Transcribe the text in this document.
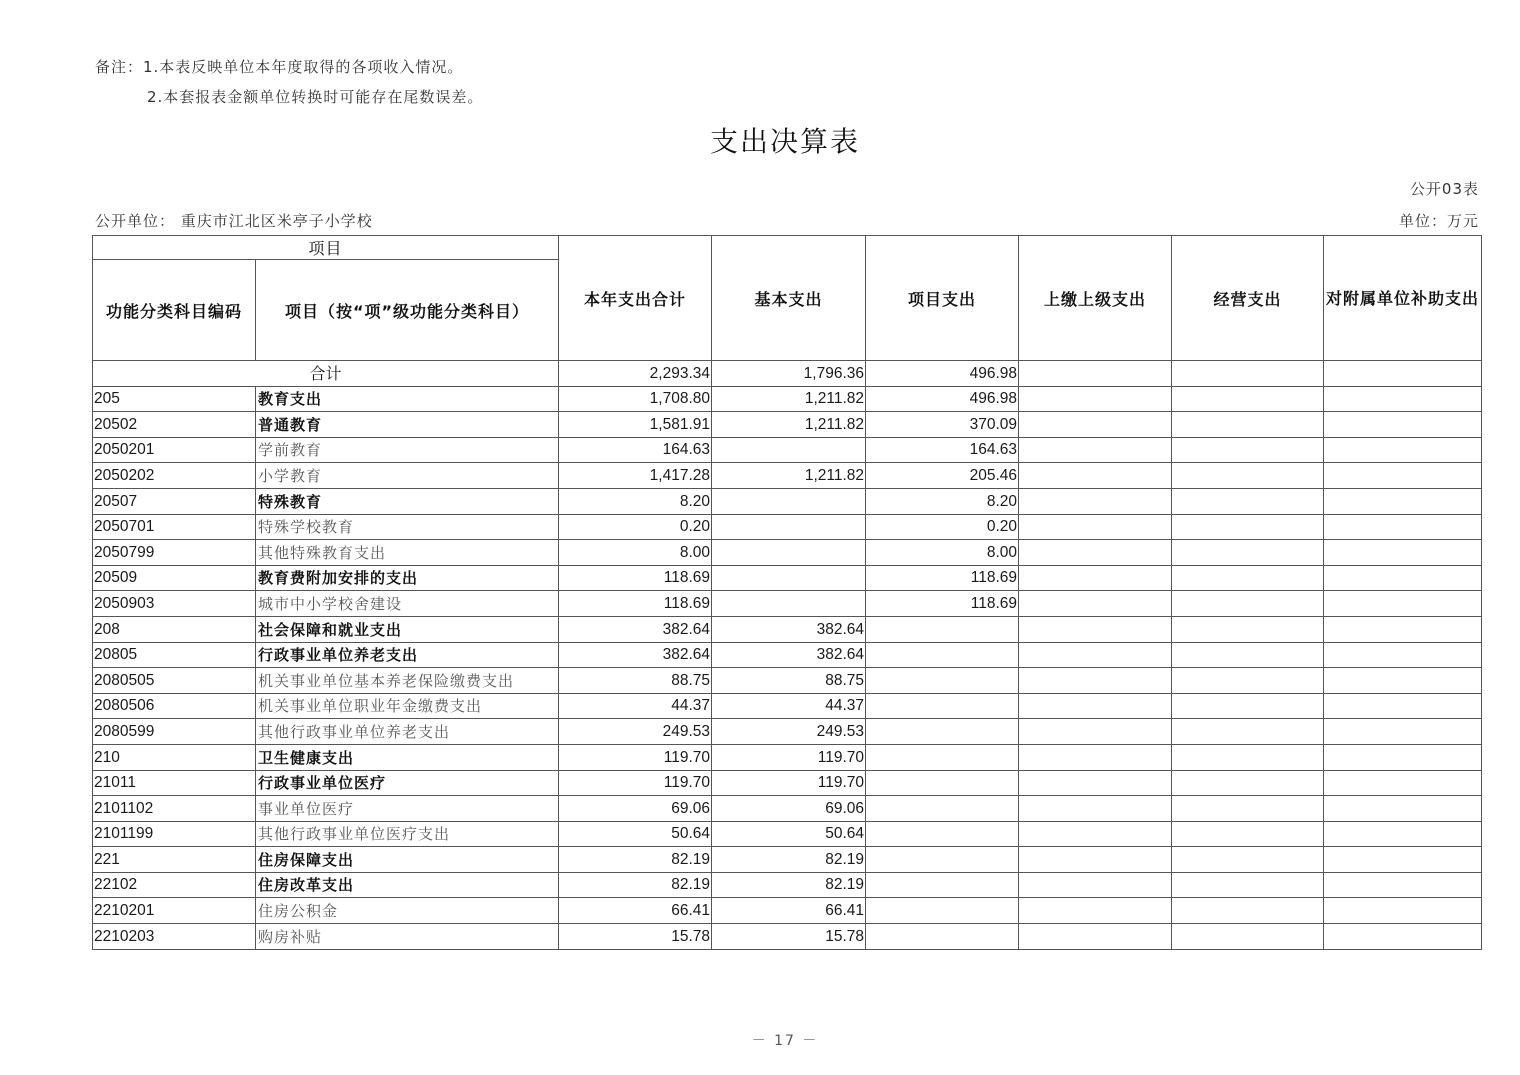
备注：1.本表反映单位本年度取得的各项收入情况。
2.本套报表金额单位转换时可能存在尾数误差。
支出决算表
公开03表
公开单位： 重庆市江北区米亭子小学校	单位：万元
项目		本年支出合计	基本支出	项目支出	上缴上级支出	经营支出	对附属单位补助支出
功能分类科目编码	项目（按“项”级功能分类科目）						
合计		2,293.34	1,796.36	496.98			
205	教育支出	1,708.80	1,211.82	496.98			
20502	普通教育	1,581.91	1,211.82	370.09			
2050201	学前教育	164.63		164.63			
2050202	小学教育	1,417.28	1,211.82	205.46			
20507	特殊教育	8.20		8.20			
2050701	特殊学校教育	0.20		0.20			
2050799	其他特殊教育支出	8.00		8.00			
20509	教育费附加安排的支出	118.69		118.69			
2050903	城市中小学校舍建设	118.69		118.69			
208	社会保障和就业支出	382.64	382.64				
20805	行政事业单位养老支出	382.64	382.64				
2080505	机关事业单位基本养老保险缴费支出	88.75	88.75				
2080506	机关事业单位职业年金缴费支出	44.37	44.37				
2080599	其他行政事业单位养老支出	249.53	249.53				
210	卫生健康支出	119.70	119.70				
21011	行政事业单位医疗	119.70	119.70				
2101102	事业单位医疗	69.06	69.06				
2101199	其他行政事业单位医疗支出	50.64	50.64				
221	住房保障支出	82.19	82.19				
22102	住房改革支出	82.19	82.19				
2210201	住房公积金	66.41	66.41				
2210203	购房补贴	15.78	15.78				
－ 17 －
